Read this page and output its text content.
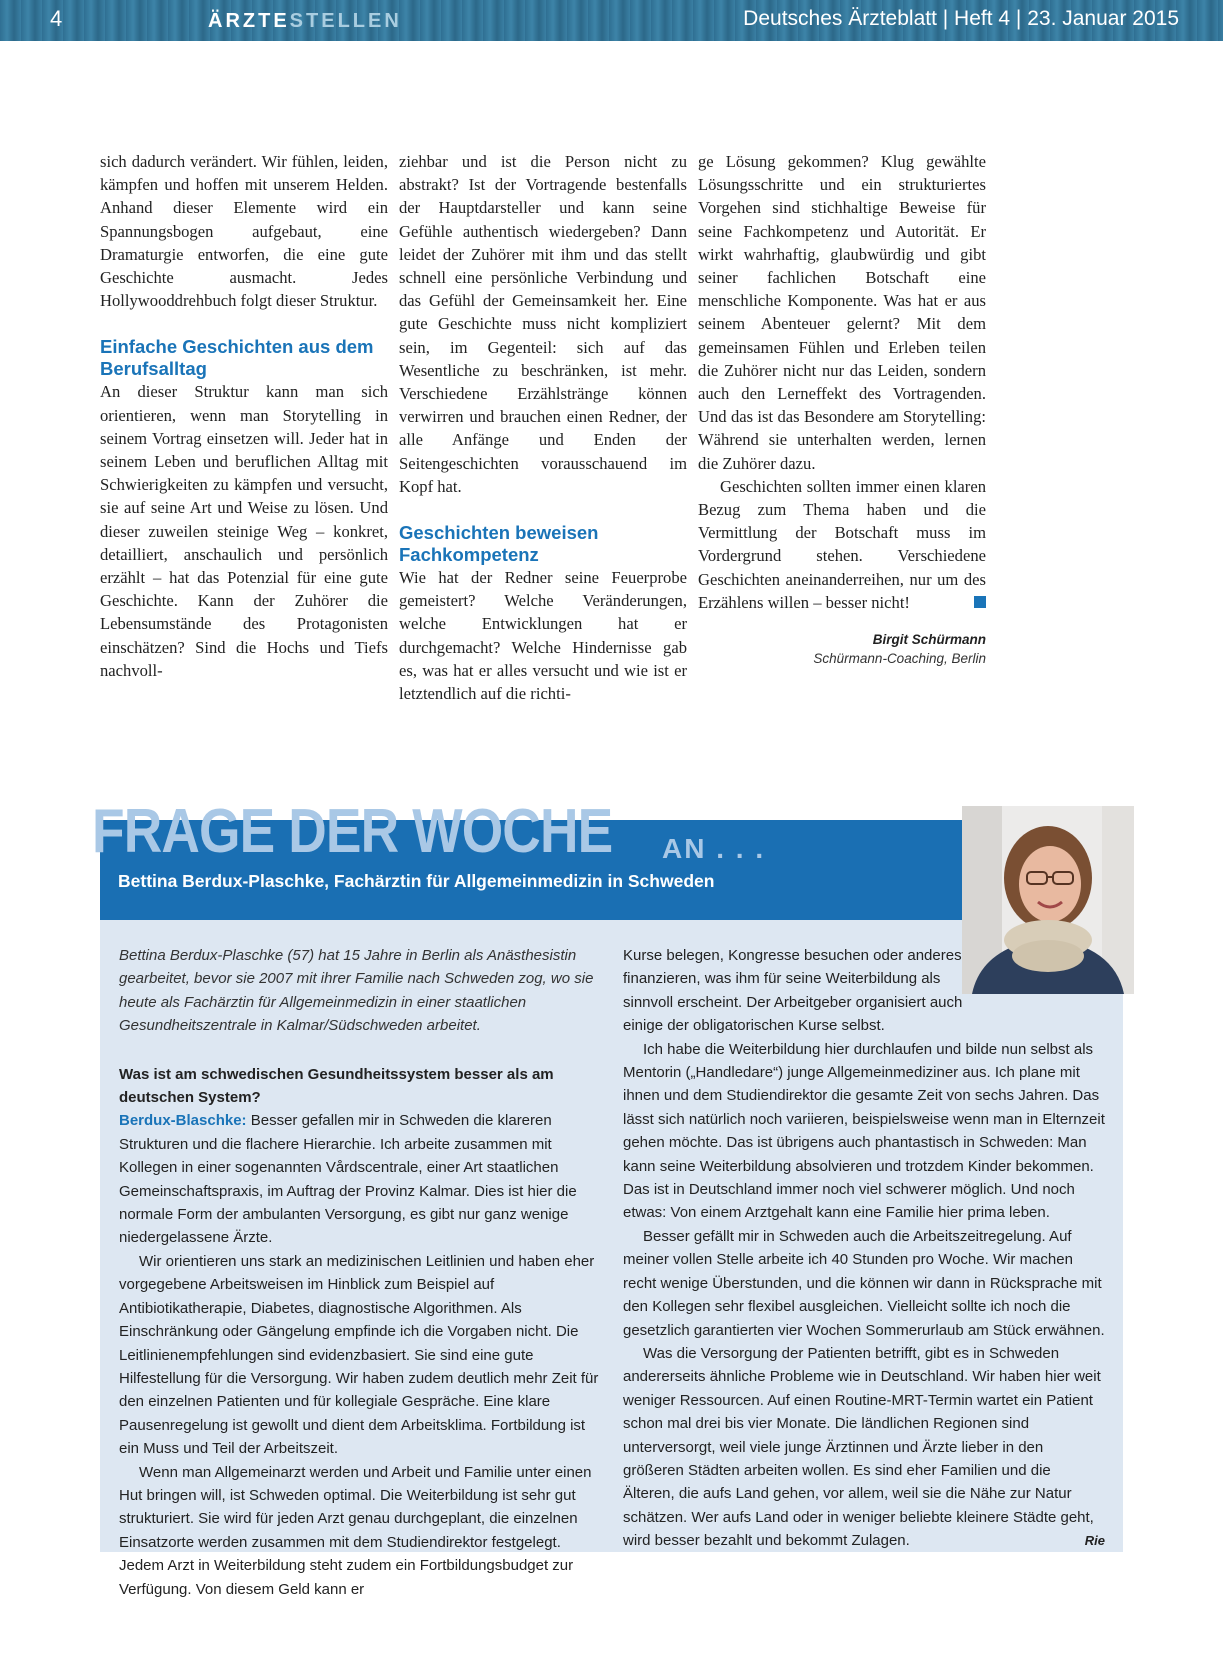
4	ÄRZTESTELLEN	Deutsches Ärzteblatt | Heft 4 | 23. Januar 2015

sich dadurch verändert. Wir fühlen, leiden, kämpfen und hoffen mit unserem Helden. Anhand dieser Elemente wird ein Spannungsbogen aufgebaut, eine Dramaturgie entworfen, die eine gute Geschichte ausmacht. Jedes Hollywooddrehbuch folgt dieser Struktur.

Einfache Geschichten aus dem Berufsalltag

An dieser Struktur kann man sich orientieren, wenn man Storytelling in seinem Vortrag einsetzen will. Jeder hat in seinem Leben und beruflichen Alltag mit Schwierigkeiten zu kämpfen und versucht, sie auf seine Art und Weise zu lösen. Und dieser zuweilen steinige Weg – konkret, detailliert, anschaulich und persönlich erzählt – hat das Potenzial für eine gute Geschichte. Kann der Zuhörer die Lebensumstände des Protagonisten einschätzen? Sind die Hochs und Tiefs nachvoll-

ziehbar und ist die Person nicht zu abstrakt? Ist der Vortragende bestenfalls der Hauptdarsteller und kann seine Gefühle authentisch wiedergeben? Dann leidet der Zuhörer mit ihm und das stellt schnell eine persönliche Verbindung und das Gefühl der Gemeinsamkeit her. Eine gute Geschichte muss nicht kompliziert sein, im Gegenteil: sich auf das Wesentliche zu beschränken, ist mehr. Verschiedene Erzählstränge können verwirren und brauchen einen Redner, der alle Anfänge und Enden der Seitengeschichten vorausschauend im Kopf hat.

Geschichten beweisen Fachkompetenz

Wie hat der Redner seine Feuerprobe gemeistert? Welche Veränderungen, welche Entwicklungen hat er durchgemacht? Welche Hindernisse gab es, was hat er alles versucht und wie ist er letztendlich auf die richti-

ge Lösung gekommen? Klug gewählte Lösungsschritte und ein strukturiertes Vorgehen sind stichhaltige Beweise für seine Fachkompetenz und Autorität. Er wirkt wahrhaftig, glaubwürdig und gibt seiner fachlichen Botschaft eine menschliche Komponente. Was hat er aus seinem Abenteuer gelernt? Mit dem gemeinsamen Fühlen und Erleben teilen die Zuhörer nicht nur das Leiden, sondern auch den Lerneffekt des Vortragenden. Und das ist das Besondere am Storytelling: Während sie unterhalten werden, lernen die Zuhörer dazu.

Geschichten sollten immer einen klaren Bezug zum Thema haben und die Vermittlung der Botschaft muss im Vordergrund stehen. Verschiedene Geschichten aneinanderreihen, nur um des Erzählens willen – besser nicht!

Birgit Schürmann
Schürmann-Coaching, Berlin
FRAGE DER WOCHE AN . . .
Bettina Berdux-Plaschke, Fachärztin für Allgemeinmedizin in Schweden

Bettina Berdux-Plaschke (57) hat 15 Jahre in Berlin als Anästhesistin gearbeitet, bevor sie 2007 mit ihrer Familie nach Schweden zog, wo sie heute als Fachärztin für Allgemeinmedizin in einer staatlichen Gesundheitszentrale in Kalmar/Südschweden arbeitet.

Was ist am schwedischen Gesundheitssystem besser als am deutschen System?

Berdux-Blaschke: Besser gefallen mir in Schweden die klareren Strukturen und die flachere Hierarchie. Ich arbeite zusammen mit Kollegen in einer sogenannten Vårdscentrale, einer Art staatlichen Gemeinschaftspraxis, im Auftrag der Provinz Kalmar. Dies ist hier die normale Form der ambulanten Versorgung, es gibt nur ganz wenige niedergelassene Ärzte.

Wir orientieren uns stark an medizinischen Leitlinien und haben eher vorgegebene Arbeitsweisen im Hinblick zum Beispiel auf Antibiotikatherapie, Diabetes, diagnostische Algorithmen. Als Einschränkung oder Gängelung empfinde ich die Vorgaben nicht. Die Leitlinienempfehlungen sind evidenzbasiert. Sie sind eine gute Hilfestellung für die Versorgung. Wir haben zudem deutlich mehr Zeit für den einzelnen Patienten und für kollegiale Gespräche. Eine klare Pausenregelung ist gewollt und dient dem Arbeitsklima. Fortbildung ist ein Muss und Teil der Arbeitszeit.

Wenn man Allgemeinarzt werden und Arbeit und Familie unter einen Hut bringen will, ist Schweden optimal. Die Weiterbildung ist sehr gut strukturiert. Sie wird für jeden Arzt genau durchgeplant, die einzelnen Einsatzorte werden zusammen mit dem Studiendirektor festgelegt. Jedem Arzt in Weiterbildung steht zudem ein Fortbildungsbudget zur Verfügung. Von diesem Geld kann er

Kurse belegen, Kongresse besuchen oder anderes finanzieren, was ihm für seine Weiterbildung als sinnvoll erscheint. Der Arbeitgeber organisiert auch einige der obligatorischen Kurse selbst.

Ich habe die Weiterbildung hier durchlaufen und bilde nun selbst als Mentorin („Handledare“) junge Allgemeinmediziner aus. Ich plane mit ihnen und dem Studiendirektor die gesamte Zeit von sechs Jahren. Das lässt sich natürlich noch variieren, beispielsweise wenn man in Elternzeit gehen möchte. Das ist übrigens auch phantastisch in Schweden: Man kann seine Weiterbildung absolvieren und trotzdem Kinder bekommen. Das ist in Deutschland immer noch viel schwerer möglich. Und noch etwas: Von einem Arztgehalt kann eine Familie hier prima leben.

Besser gefällt mir in Schweden auch die Arbeitszeitregelung. Auf meiner vollen Stelle arbeite ich 40 Stunden pro Woche. Wir machen recht wenige Überstunden, und die können wir dann in Rücksprache mit den Kollegen sehr flexibel ausgleichen. Vielleicht sollte ich noch die gesetzlich garantierten vier Wochen Sommerurlaub am Stück erwähnen.

Was die Versorgung der Patienten betrifft, gibt es in Schweden andererseits ähnliche Probleme wie in Deutschland. Wir haben hier weit weniger Ressourcen. Auf einen Routine-MRT-Termin wartet ein Patient schon mal drei bis vier Monate. Die ländlichen Regionen sind unterversorgt, weil viele junge Ärztinnen und Ärzte lieber in den größeren Städten arbeiten wollen. Es sind eher Familien und die Älteren, die aufs Land gehen, vor allem, weil sie die Nähe zur Natur schätzen. Wer aufs Land oder in weniger beliebte kleinere Städte geht, wird besser bezahlt und bekommt Zulagen.	Rie
